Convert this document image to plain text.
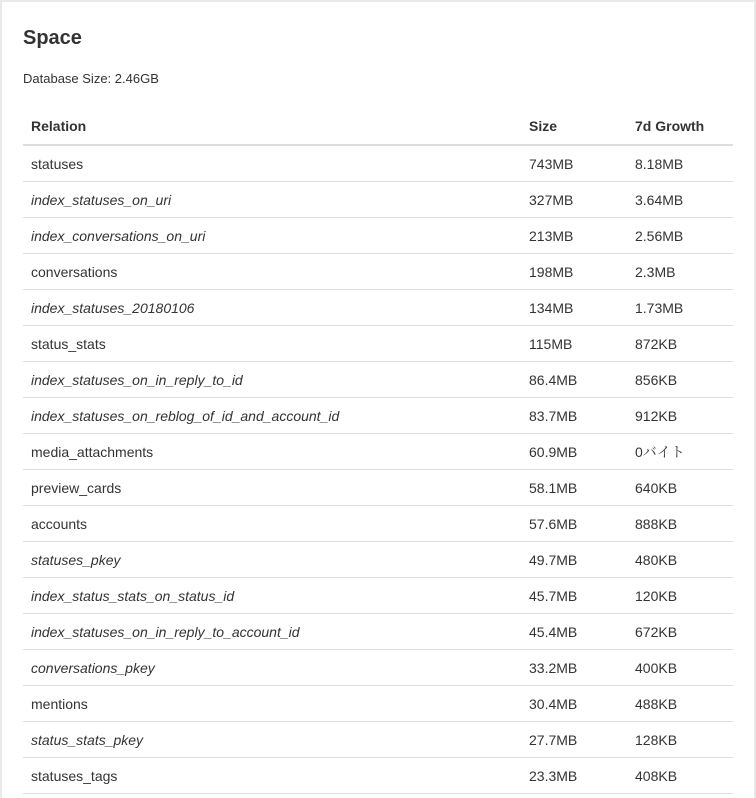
Space
Database Size: 2.46GB
Relation	Size	7d Growth
statuses	743MB	8.18MB
index_statuses_on_uri	327MB	3.64MB
index_conversations_on_uri	213MB	2.56MB
conversations	198MB	2.3MB
index_statuses_20180106	134MB	1.73MB
status_stats	115MB	872KB
index_statuses_on_in_reply_to_id	86.4MB	856KB
index_statuses_on_reblog_of_id_and_account_id	83.7MB	912KB
media_attachments	60.9MB	0バイト
preview_cards	58.1MB	640KB
accounts	57.6MB	888KB
statuses_pkey	49.7MB	480KB
index_status_stats_on_status_id	45.7MB	120KB
index_statuses_on_in_reply_to_account_id	45.4MB	672KB
conversations_pkey	33.2MB	400KB
mentions	30.4MB	488KB
status_stats_pkey	27.7MB	128KB
statuses_tags	23.3MB	408KB
